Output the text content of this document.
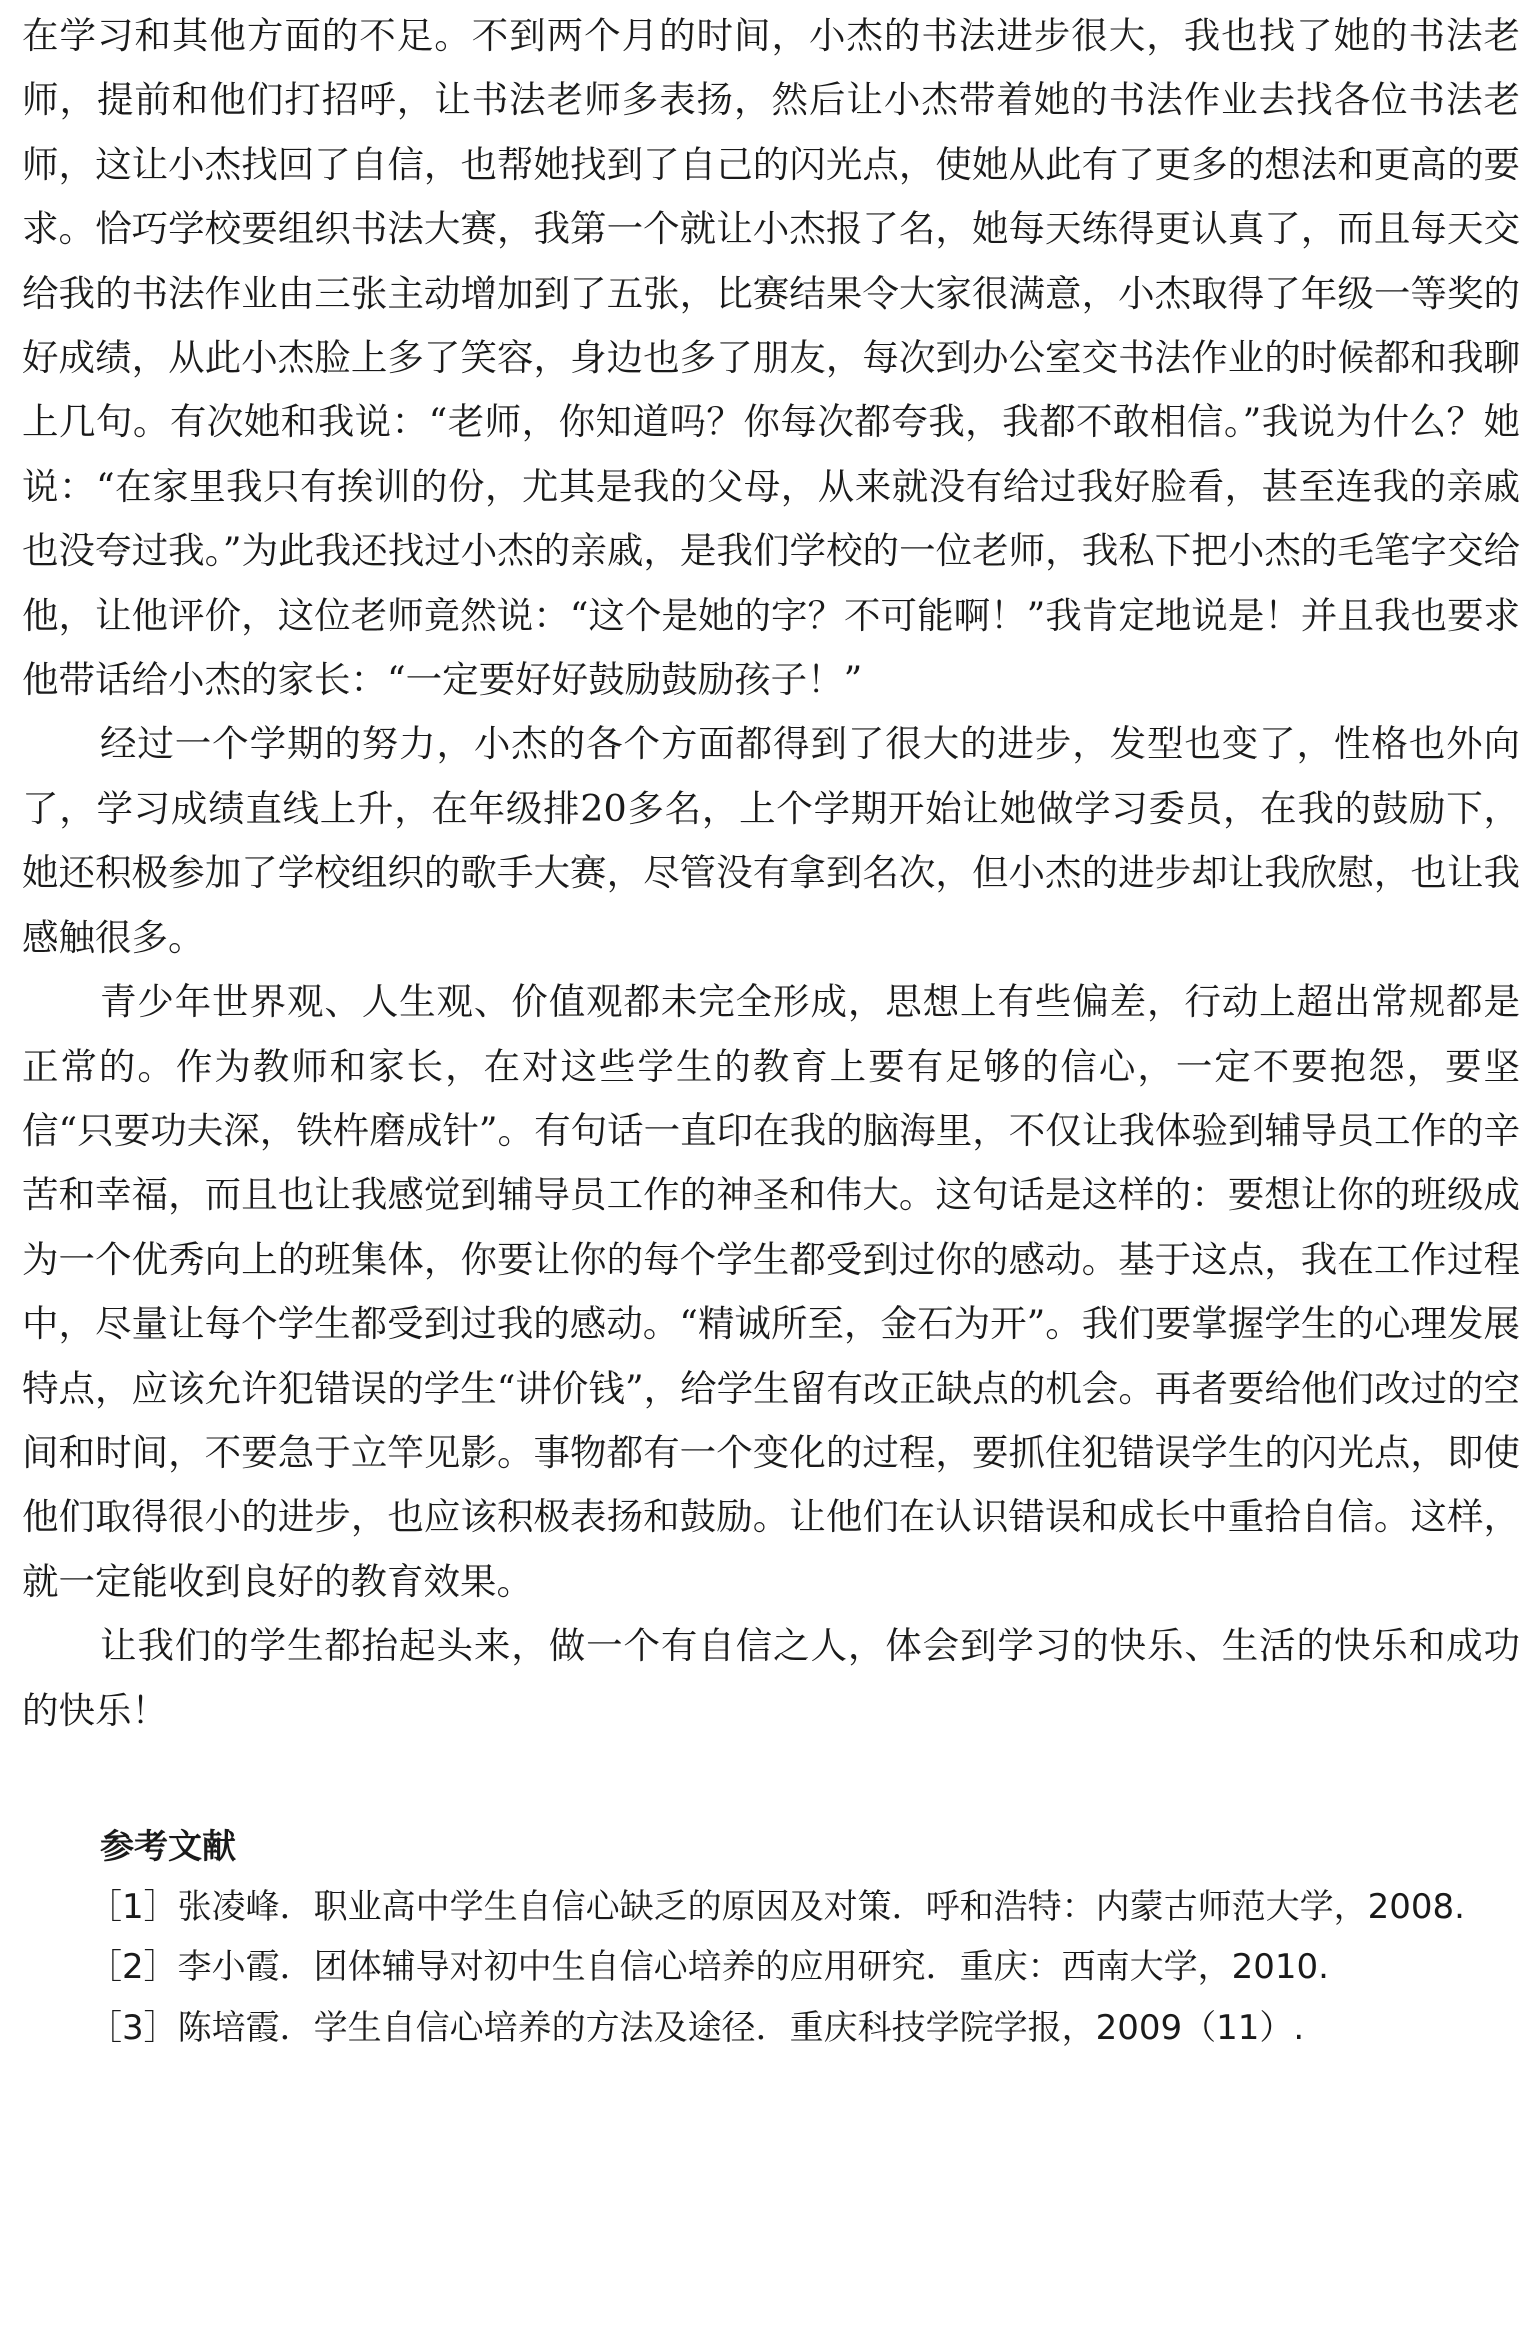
在学习和其他方面的不足。不到两个月的时间，小杰的书法进步很大，我也找了她的书法老师，提前和他们打招呼，让书法老师多表扬，然后让小杰带着她的书法作业去找各位书法老师，这让小杰找回了自信，也帮她找到了自己的闪光点，使她从此有了更多的想法和更高的要求。恰巧学校要组织书法大赛，我第一个就让小杰报了名，她每天练得更认真了，而且每天交给我的书法作业由三张主动增加到了五张，比赛结果令大家很满意，小杰取得了年级一等奖的好成绩，从此小杰脸上多了笑容，身边也多了朋友，每次到办公室交书法作业的时候都和我聊上几句。有次她和我说：“老师，你知道吗？你每次都夸我，我都不敢相信。”我说为什么？她说：“在家里我只有挨训的份，尤其是我的父母，从来就没有给过我好脸看，甚至连我的亲戚也没夸过我。”为此我还找过小杰的亲戚，是我们学校的一位老师，我私下把小杰的毛笔字交给他，让他评价，这位老师竟然说：“这个是她的字？不可能啊！”我肯定地说是！并且我也要求他带话给小杰的家长：“一定要好好鼓励鼓励孩子！”

经过一个学期的努力，小杰的各个方面都得到了很大的进步，发型也变了，性格也外向了，学习成绩直线上升，在年级排20多名，上个学期开始让她做学习委员，在我的鼓励下，她还积极参加了学校组织的歌手大赛，尽管没有拿到名次，但小杰的进步却让我欣慰，也让我感触很多。

青少年世界观、人生观、价值观都未完全形成，思想上有些偏差，行动上超出常规都是正常的。作为教师和家长，在对这些学生的教育上要有足够的信心，一定不要抱怨，要坚信“只要功夫深，铁杵磨成针”。有句话一直印在我的脑海里，不仅让我体验到辅导员工作的辛苦和幸福，而且也让我感觉到辅导员工作的神圣和伟大。这句话是这样的：要想让你的班级成为一个优秀向上的班集体，你要让你的每个学生都受到过你的感动。基于这点，我在工作过程中，尽量让每个学生都受到过我的感动。“精诚所至，金石为开”。我们要掌握学生的心理发展特点，应该允许犯错误的学生“讲价钱”，给学生留有改正缺点的机会。再者要给他们改过的空间和时间，不要急于立竿见影。事物都有一个变化的过程，要抓住犯错误学生的闪光点，即使他们取得很小的进步，也应该积极表扬和鼓励。让他们在认识错误和成长中重拾自信。这样，就一定能收到良好的教育效果。

让我们的学生都抬起头来，做一个有自信之人，体会到学习的快乐、生活的快乐和成功的快乐！

参考文献
［1］张凌峰．职业高中学生自信心缺乏的原因及对策．呼和浩特：内蒙古师范大学，2008.
［2］李小霞．团体辅导对初中生自信心培养的应用研究．重庆：西南大学，2010.
［3］陈培霞．学生自信心培养的方法及途径．重庆科技学院学报，2009（11）.
